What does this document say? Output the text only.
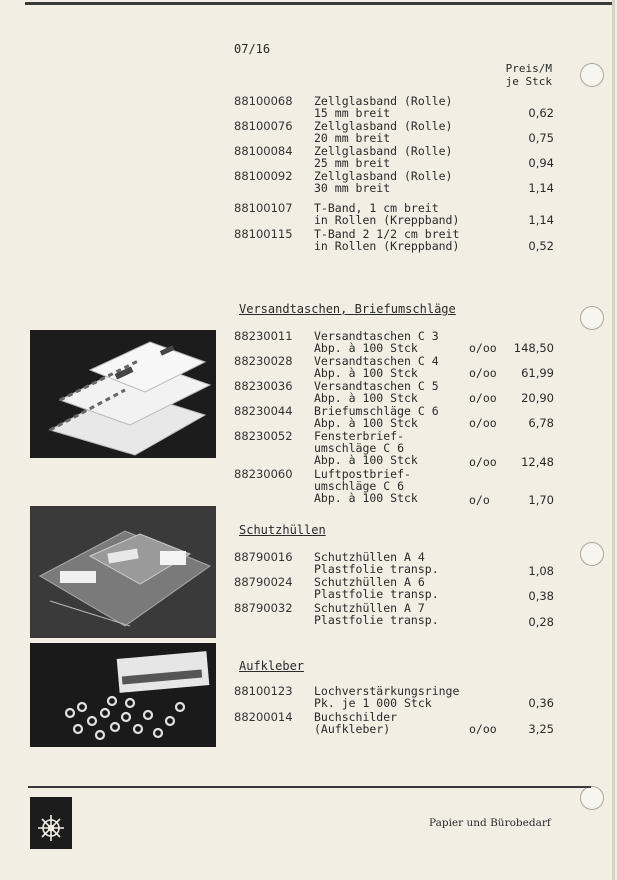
07/16
Preis/M
je Stck
88100068 Zellglasband (Rolle)
15 mm breit	0,62
88100076 Zellglasband (Rolle)
20 mm breit	0,75
88100084 Zellglasband (Rolle)
25 mm breit	0,94
88100092 Zellglasband (Rolle)
30 mm breit	1,14
88100107 T-Band, 1 cm breit
in Rollen (Kreppband)	1,14
88100115 T-Band 2 1/2 cm breit
in Rollen (Kreppband)	0,52
Versandtaschen, Briefumschläge
88230011 Versandtaschen C 3
Abp. à 100 Stck	o/oo	148,50
88230028 Versandtaschen C 4
Abp. à 100 Stck	o/oo	61,99
88230036 Versandtaschen C 5
Abp. à 100 Stck	o/oo	20,90
88230044 Briefumschläge C 6
Abp. à 100 Stck	o/oo	6,78
88230052 Fensterbrief-
umschläge C 6
Abp. à 100 Stck	o/oo	12,48
88230060 Luftpostbrief-
umschläge C 6
Abp. à 100 Stck	o/o	1,70
Schutzhüllen
88790016 Schutzhüllen A 4
Plastfolie transp.	1,08
88790024 Schutzhüllen A 6
Plastfolie transp.	0,38
88790032 Schutzhüllen A 7
Plastfolie transp.	0,28
Aufkleber
88100123 Lochverstärkungsringe
Pk. je 1 000 Stck	0,36
88200014 Buchschilder
(Aufkleber)	o/oo	3,25
Papier und Bürobedarf
